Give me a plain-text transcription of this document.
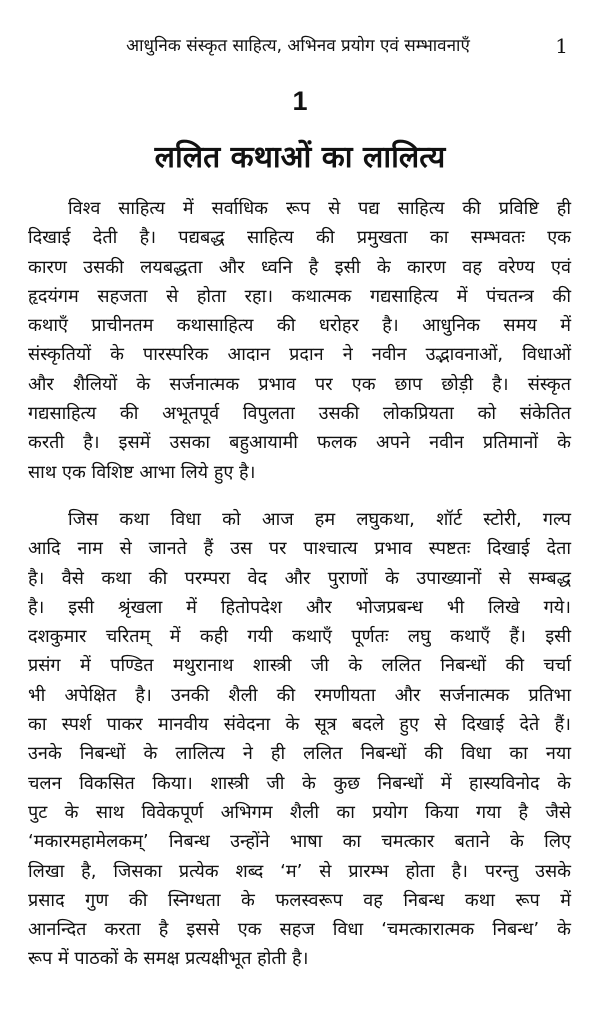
आधुनिक संस्कृत साहित्य, अभिनव प्रयोग एवं सम्भावनाएँ	1
1
ललित कथाओं का लालित्य

विश्व साहित्य में सर्वाधिक रूप से पद्य साहित्य की प्रविष्टि ही
दिखाई देती है। पद्यबद्ध साहित्य की प्रमुखता का सम्भवतः एक
कारण उसकी लयबद्धता और ध्वनि है इसी के कारण वह वरेण्य एवं
हृदयंगम सहजता से होता रहा। कथात्मक गद्यसाहित्य में पंचतन्त्र की
कथाएँ प्राचीनतम कथासाहित्य की धरोहर है। आधुनिक समय में
संस्कृतियों के पारस्परिक आदान प्रदान ने नवीन उद्भावनाओं, विधाओं
और शैलियों के सर्जनात्मक प्रभाव पर एक छाप छोड़ी है। संस्कृत
गद्यसाहित्य की अभूतपूर्व विपुलता उसकी लोकप्रियता को संकेतित
करती है। इसमें उसका बहुआयामी फलक अपने नवीन प्रतिमानों के
साथ एक विशिष्ट आभा लिये हुए है।

जिस कथा विधा को आज हम लघुकथा, शॉर्ट स्टोरी, गल्प
आदि नाम से जानते हैं उस पर पाश्चात्य प्रभाव स्पष्टतः दिखाई देता
है। वैसे कथा की परम्परा वेद और पुराणों के उपाख्यानों से सम्बद्ध
है। इसी श्रृंखला में हितोपदेश और भोजप्रबन्ध भी लिखे गये।
दशकुमार चरितम् में कही गयी कथाएँ पूर्णतः लघु कथाएँ हैं। इसी
प्रसंग में पण्डित मथुरानाथ शास्त्री जी के ललित निबन्धों की चर्चा
भी अपेक्षित है। उनकी शैली की रमणीयता और सर्जनात्मक प्रतिभा
का स्पर्श पाकर मानवीय संवेदना के सूत्र बदले हुए से दिखाई देते हैं।
उनके निबन्धों के लालित्य ने ही ललित निबन्धों की विधा का नया
चलन विकसित किया। शास्त्री जी के कुछ निबन्धों में हास्यविनोद के
पुट के साथ विवेकपूर्ण अभिगम शैली का प्रयोग किया गया है जैसे
‘मकारमहामेलकम्’ निबन्ध उन्होंने भाषा का चमत्कार बताने के लिए
लिखा है, जिसका प्रत्येक शब्द ‘म’ से प्रारम्भ होता है। परन्तु उसके
प्रसाद गुण की स्निग्धता के फलस्वरूप वह निबन्ध कथा रूप में
आनन्दित करता है इससे एक सहज विधा ‘चमत्कारात्मक निबन्ध’ के
रूप में पाठकों के समक्ष प्रत्यक्षीभूत होती है।
